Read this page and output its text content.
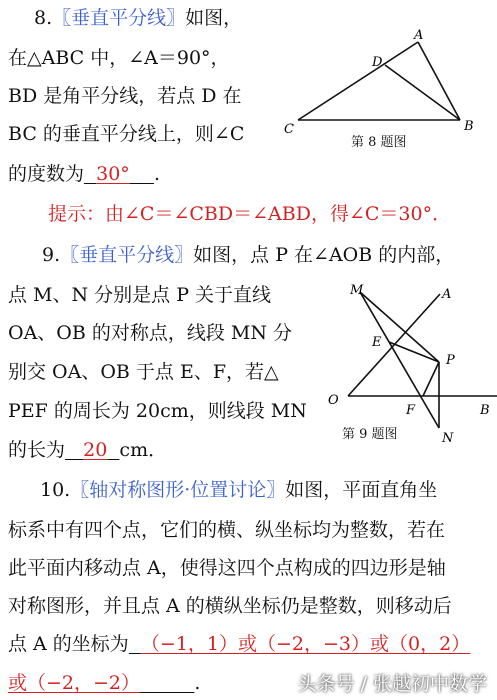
8.〖垂直平分线〗如图，
在△ABC 中，∠A＝90°，
BD 是角平分线，若点 D 在
BC 的垂直平分线上，则∠C
的度数为 30° .
提示：由∠C＝∠CBD＝∠ABD，得∠C＝30°．
A
D
C	B
第 8 题图
9.〖垂直平分线〗如图，点 P 在∠AOB 的内部，
点 M、N 分别是点 P 关于直线
OA、OB 的对称点，线段 MN 分
别交 OA、OB 于点 E、F，若△
PEF 的周长为 20cm，则线段 MN
的长为 20 cm．
M	A
E
P
O
F	B
N
第 9 题图
10.〖轴对称图形·位置讨论〗如图，平面直角坐
标系中有四个点，它们的横、纵坐标均为整数，若在
此平面内移动点 A，使得这四个点构成的四边形是轴
对称图形，并且点 A 的横纵坐标仍是整数，则移动后
点 A 的坐标为 （−1，1）或（−2，−3）或（0，2）
或（−2，−2）	.	头条号 / 张越初中数学
